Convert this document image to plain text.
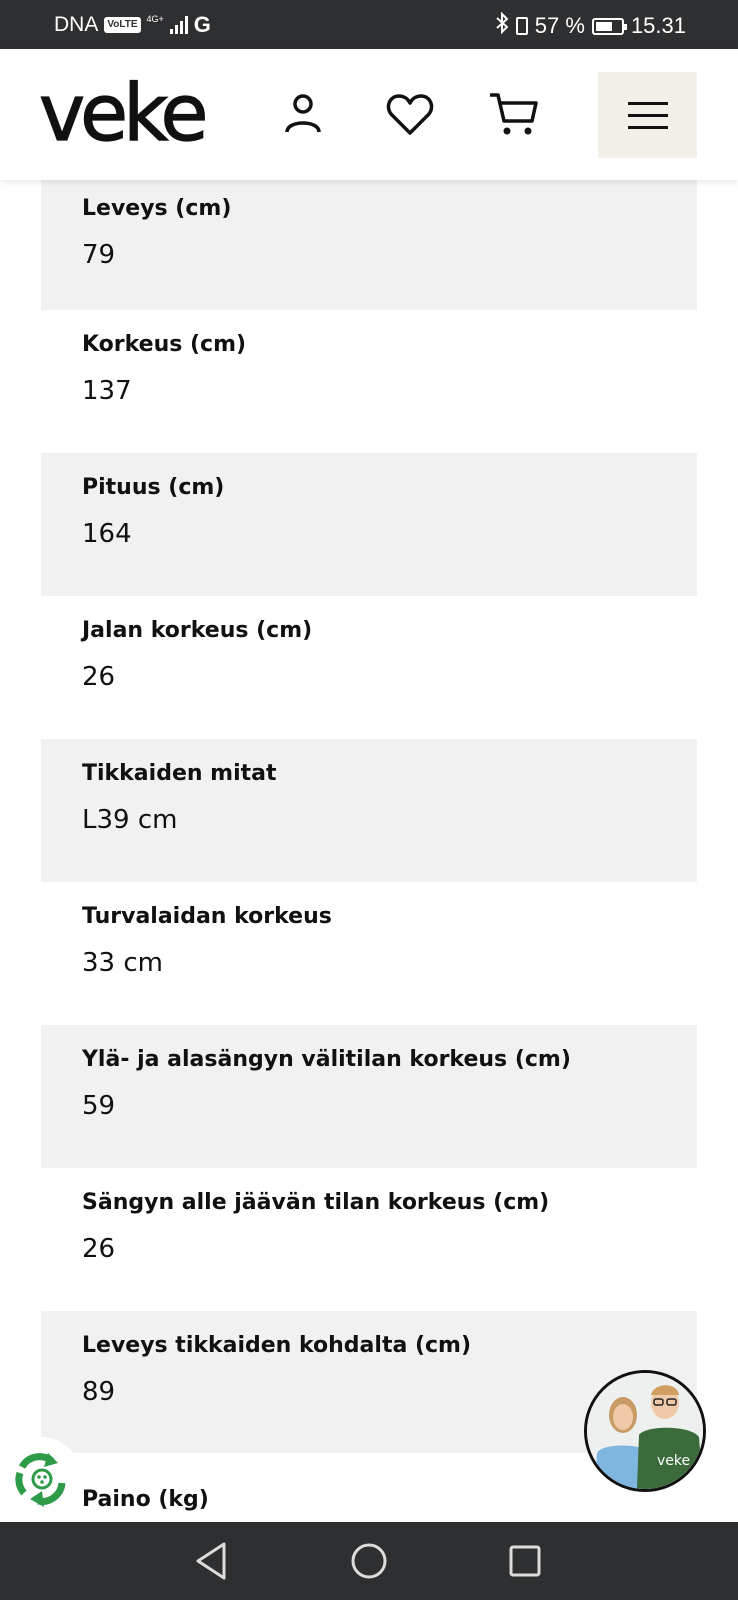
DNA VoLTE
4G+ G	57 % 15.31
veke
Leveys (cm)
79
Korkeus (cm)
137
Pituus (cm)
164
Jalan korkeus (cm)
26
Tikkaiden mitat
L39 cm
Turvalaidan korkeus
33 cm
Ylä- ja alasängyn välitilan korkeus (cm)
59
Sängyn alle jäävän tilan korkeus (cm)
26
Leveys tikkaiden kohdalta (cm)
89
Paino (kg)
veke
